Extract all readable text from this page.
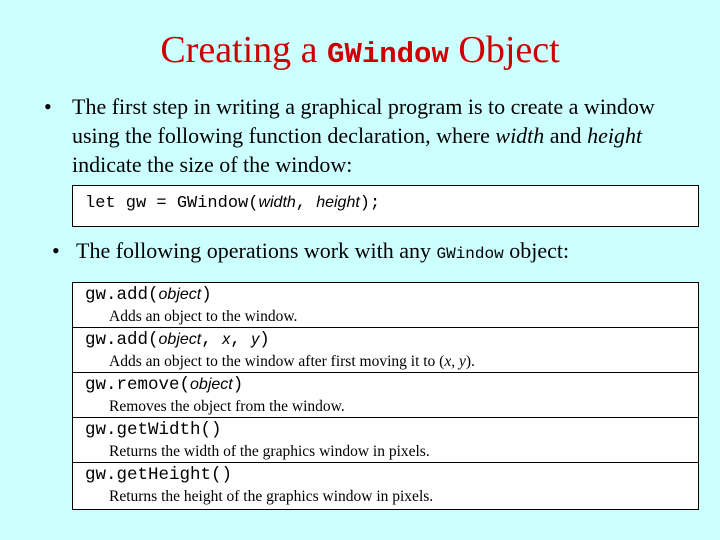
Creating a GWindow Object
• The first step in writing a graphical program is to create a window using the following function declaration, where width and height indicate the size of the window:
let gw = GWindow(width, height);
• The following operations work with any GWindow object:
gw.add(object)
Adds an object to the window.
gw.add(object, x, y)
Adds an object to the window after first moving it to (x, y).
gw.remove(object)
Removes the object from the window.
gw.getWidth()
Returns the width of the graphics window in pixels.
gw.getHeight()
Returns the height of the graphics window in pixels.
